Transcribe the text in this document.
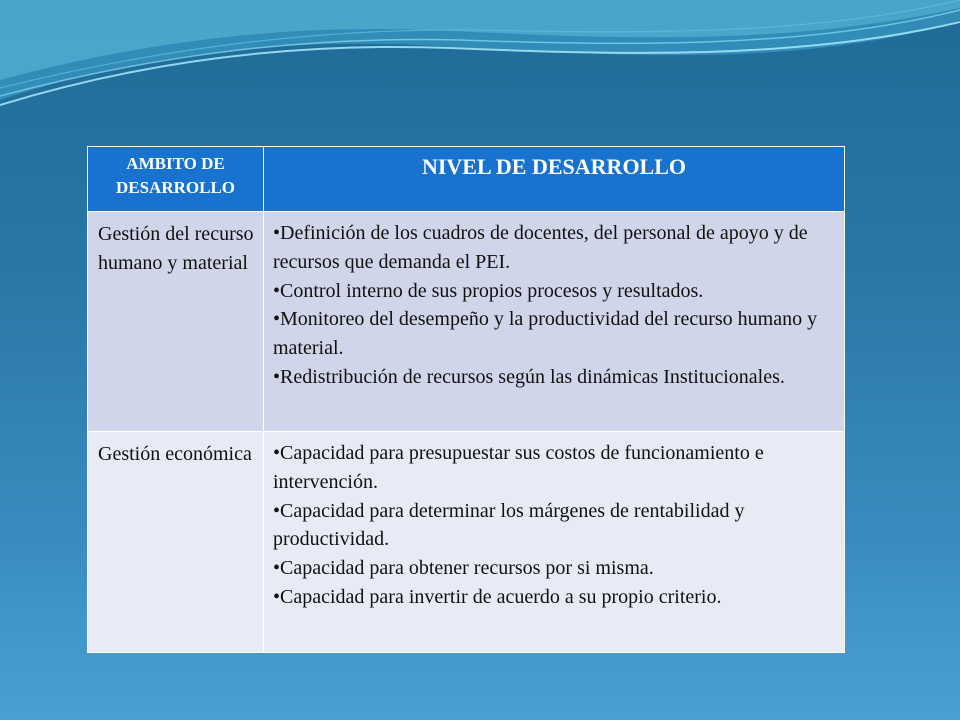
AMBITO DE DESARROLLO	NIVEL DE DESARROLLO
Gestión del recurso humano y material	•Definición de los cuadros de docentes, del personal de apoyo y de recursos que demanda el PEI.
•Control interno de sus propios procesos y resultados.
•Monitoreo del desempeño y la productividad del recurso humano y material.
•Redistribución de recursos según las dinámicas Institucionales.

Gestión económica	•Capacidad para presupuestar sus costos de funcionamiento e intervención.
•Capacidad para determinar los márgenes de rentabilidad y productividad.
•Capacidad para obtener recursos por si misma.
•Capacidad para invertir de acuerdo a su propio criterio.
